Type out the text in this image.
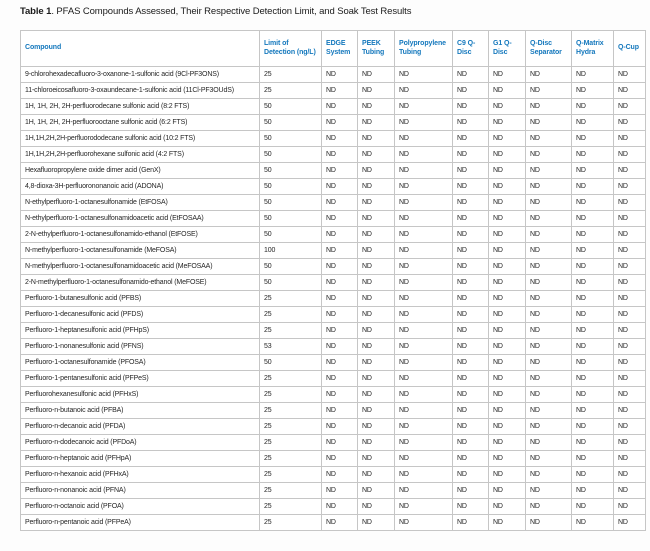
Table 1. PFAS Compounds Assessed, Their Respective Detection Limit, and Soak Test Results
Compound	Limit of Detection (ng/L)	EDGE System	PEEK Tubing	Polypropylene Tubing	C9 Q-Disc	G1 Q-Disc	Q-Disc Separator	Q-Matrix Hydra	Q-Cup
9-chlorohexadecafluoro-3-oxanone-1-sulfonic acid (9Cl-PF3ONS)	25	ND	ND	ND	ND	ND	ND	ND	ND
11-chloroeicosafluoro-3-oxaundecane-1-sulfonic acid (11Cl-PF3OUdS)	25	ND	ND	ND	ND	ND	ND	ND	ND
1H, 1H, 2H, 2H-perfluorodecane sulfonic acid (8:2 FTS)	50	ND	ND	ND	ND	ND	ND	ND	ND
1H, 1H, 2H, 2H-perfluorooctane sulfonic acid (6:2 FTS)	50	ND	ND	ND	ND	ND	ND	ND	ND
1H,1H,2H,2H-perfluorododecane sulfonic acid (10:2 FTS)	50	ND	ND	ND	ND	ND	ND	ND	ND
1H,1H,2H,2H-perfluorohexane sulfonic acid (4:2 FTS)	50	ND	ND	ND	ND	ND	ND	ND	ND
Hexafluoropropylene oxide dimer acid (GenX)	50	ND	ND	ND	ND	ND	ND	ND	ND
4,8-dioxa-3H-perfluorononanoic acid (ADONA)	50	ND	ND	ND	ND	ND	ND	ND	ND
N-ethylperfluoro-1-octanesulfonamide (EtFOSA)	50	ND	ND	ND	ND	ND	ND	ND	ND
N-ethylperfluoro-1-octanesulfonamidoacetic acid (EtFOSAA)	50	ND	ND	ND	ND	ND	ND	ND	ND
2-N-ethylperfluoro-1-octanesulfonamido-ethanol (EtFOSE)	50	ND	ND	ND	ND	ND	ND	ND	ND
N-methylperfluoro-1-octanesulfonamide (MeFOSA)	100	ND	ND	ND	ND	ND	ND	ND	ND
N-methylperfluoro-1-octanesulfonamidoacetic acid (MeFOSAA)	50	ND	ND	ND	ND	ND	ND	ND	ND
2-N-methylperfluoro-1-octanesulfonamido-ethanol (MeFOSE)	50	ND	ND	ND	ND	ND	ND	ND	ND
Perfluoro-1-butanesulfonic acid (PFBS)	25	ND	ND	ND	ND	ND	ND	ND	ND
Perfluoro-1-decanesulfonic acid (PFDS)	25	ND	ND	ND	ND	ND	ND	ND	ND
Perfluoro-1-heptanesulfonic acid (PFHpS)	25	ND	ND	ND	ND	ND	ND	ND	ND
Perfluoro-1-nonanesulfonic acid (PFNS)	53	ND	ND	ND	ND	ND	ND	ND	ND
Perfluoro-1-octanesulfonamide (PFOSA)	50	ND	ND	ND	ND	ND	ND	ND	ND
Perfluoro-1-pentanesulfonic acid (PFPeS)	25	ND	ND	ND	ND	ND	ND	ND	ND
Perfluorohexanesulfonic acid (PFHxS)	25	ND	ND	ND	ND	ND	ND	ND	ND
Perfluoro-n-butanoic acid (PFBA)	25	ND	ND	ND	ND	ND	ND	ND	ND
Perfluoro-n-decanoic acid (PFDA)	25	ND	ND	ND	ND	ND	ND	ND	ND
Perfluoro-n-dodecanoic acid (PFDoA)	25	ND	ND	ND	ND	ND	ND	ND	ND
Perfluoro-n-heptanoic acid (PFHpA)	25	ND	ND	ND	ND	ND	ND	ND	ND
Perfluoro-n-hexanoic acid (PFHxA)	25	ND	ND	ND	ND	ND	ND	ND	ND
Perfluoro-n-nonanoic acid (PFNA)	25	ND	ND	ND	ND	ND	ND	ND	ND
Perfluoro-n-octanoic acid (PFOA)	25	ND	ND	ND	ND	ND	ND	ND	ND
Perfluoro-n-pentanoic acid (PFPeA)	25	ND	ND	ND	ND	ND	ND	ND	ND
